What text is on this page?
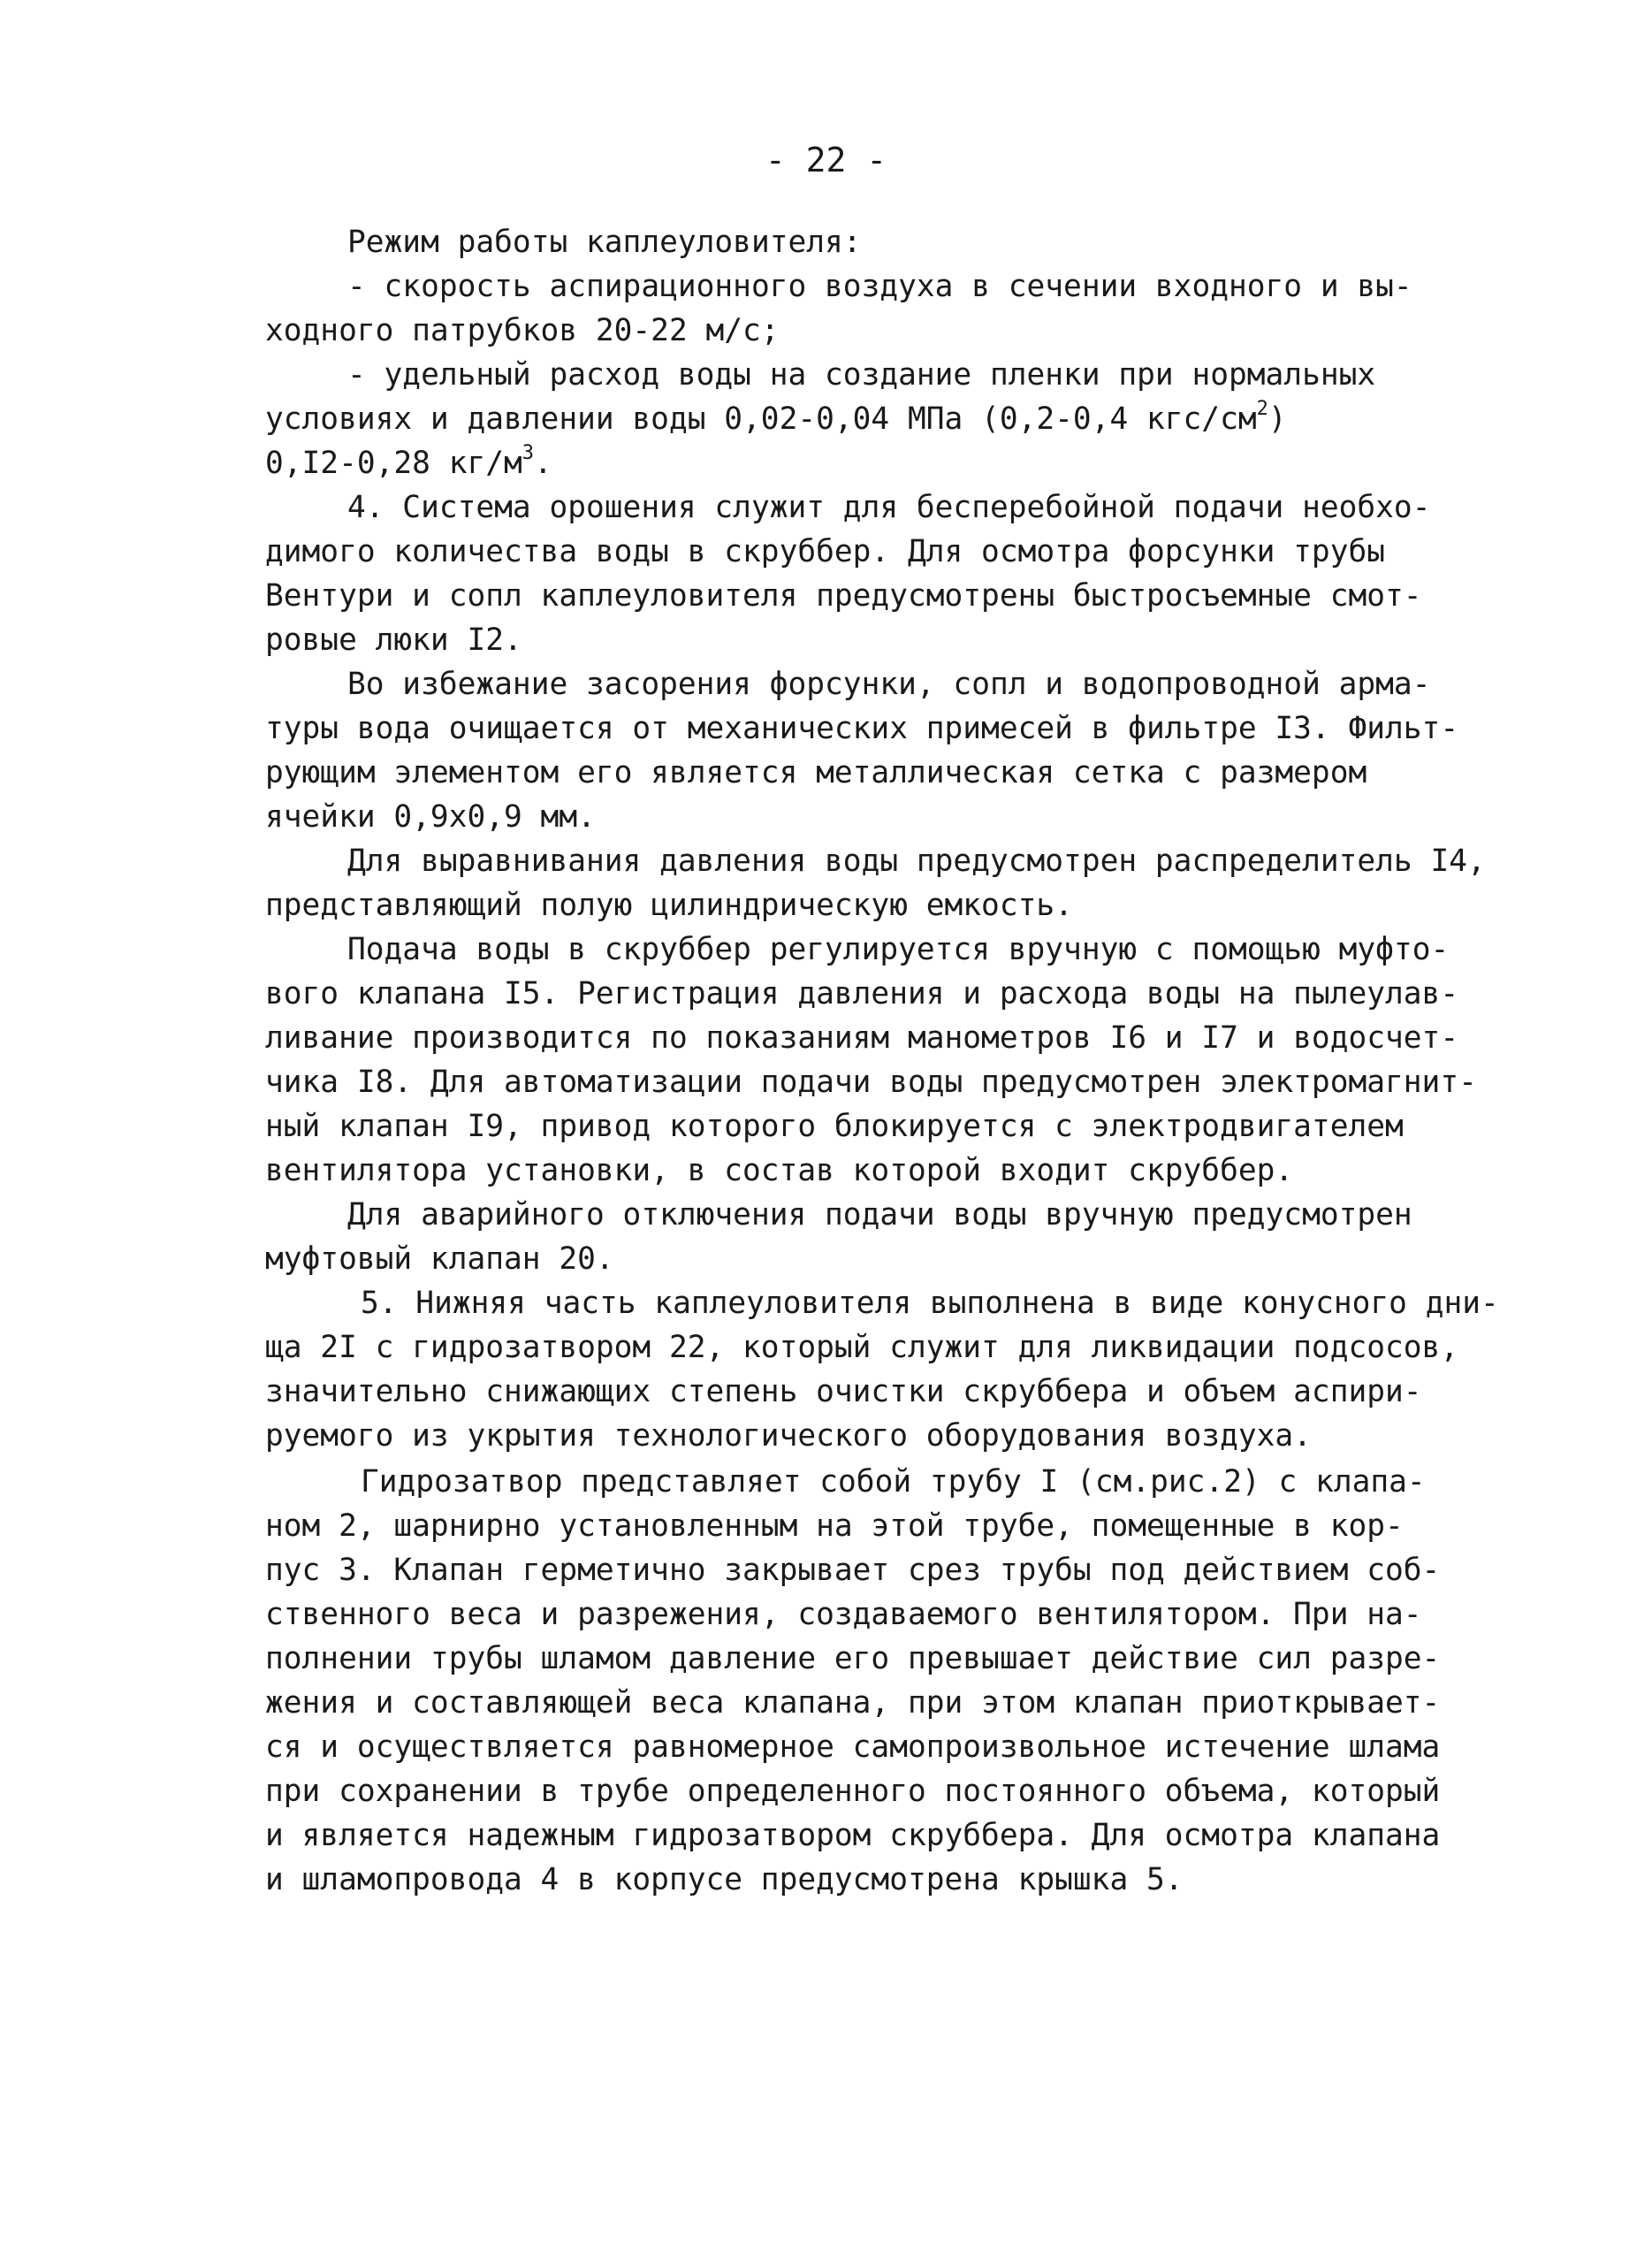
- 22 -
Режим работы каплеуловителя:
- скорость аспирационного воздуха в сечении входного и вы-
ходного патрубков 20-22 м/с;
- удельный расход воды на создание пленки при нормальных
условиях и давлении воды 0,02-0,04 МПа (0,2-0,4 кгс/$см^2$)
0,I2-0,28 $кг/м^3$.
4. Система орошения служит для бесперебойной подачи необхо-
димого количества воды в скруббер. Для осмотра форсунки трубы
Вентури и сопл каплеуловителя предусмотрены быстросъемные смот-
ровые люки I2.
Во избежание засорения форсунки, сопл и водопроводной арма-
туры вода очищается от механических примесей в фильтре I3. Фильт-
рующим элементом его является металлическая сетка с размером
ячейки 0,9х0,9 мм.
Для выравнивания давления воды предусмотрен распределитель I4,
представляющий полую цилиндрическую емкость.
Подача воды в скруббер регулируется вручную с помощью муфто-
вого клапана I5. Регистрация давления и расхода воды на пылеулав-
ливание производится по показаниям манометров I6 и I7 и водосчет-
чика I8. Для автоматизации подачи воды предусмотрен электромагнит-
ный клапан I9, привод которого блокируется с электродвигателем
вентилятора установки, в состав которой входит скруббер.
Для аварийного отключения подачи воды вручную предусмотрен
муфтовый клапан 20.
5. Нижняя часть каплеуловителя выполнена в виде конусного дни-
ща 2I с гидрозатвором 22, который служит для ликвидации подсосов,
значительно снижающих степень очистки скруббера и объем аспири-
руемого из укрытия технологического оборудования воздуха.
Гидрозатвор представляет собой трубу I (см.рис.2) с клапа-
ном 2, шарнирно установленным на этой трубе, помещенные в кор-
пус 3. Клапан герметично закрывает срез трубы под действием соб-
ственного веса и разрежения, создаваемого вентилятором. При на-
полнении трубы шламом давление его превышает действие сил разре-
жения и составляющей веса клапана, при этом клапан приоткрывает-
ся и осуществляется равномерное самопроизвольное истечение шлама
при сохранении в трубе определенного постоянного объема, который
и является надежным гидрозатвором скруббера. Для осмотра клапана
и шламопровода 4 в корпусе предусмотрена крышка 5.
